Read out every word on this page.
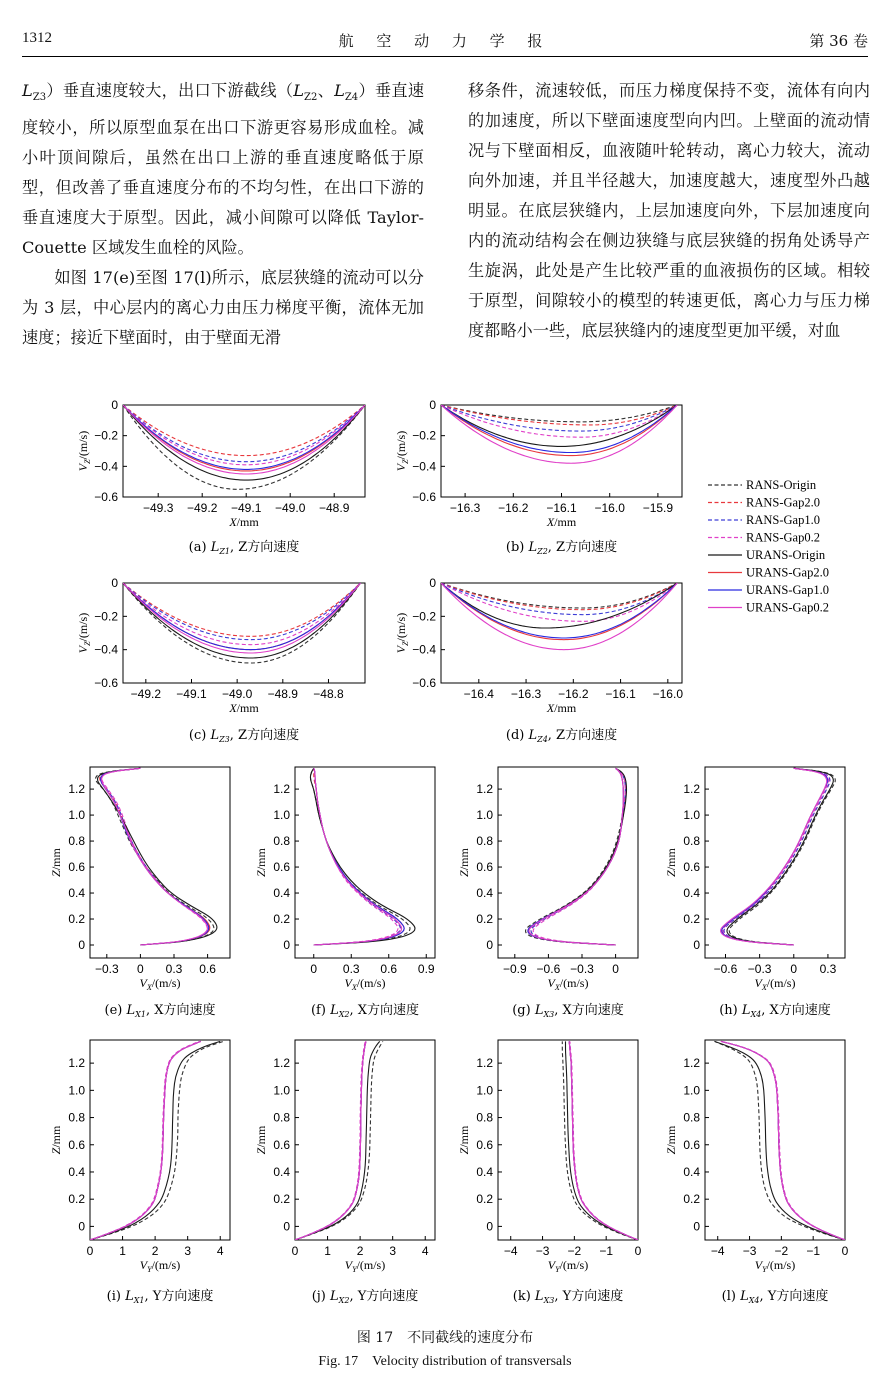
1312	航 空 动 力 学 报	第 36 卷

$L_{Z3}$）垂直速度较大，出口下游截线（$L_{Z2}$、$L_{Z4}$）垂直速度较小，所以原型血泵在出口下游更容易形成血栓。减小叶顶间隙后，虽然在出口上游的垂直速度略低于原型，但改善了垂直速度分布的不均匀性，在出口下游的垂直速度大于原型。因此，减小间隙可以降低 Taylor-Couette 区域发生血栓的风险。

如图 17(e)至图 17(l)所示，底层狭缝的流动可以分为 3 层，中心层内的离心力由压力梯度平衡，流体无加速度；接近下壁面时，由于壁面无滑

移条件，流速较低，而压力梯度保持不变，流体有向内的加速度，所以下壁面速度型向内凹。上壁面的流动情况与下壁面相反，血液随叶轮转动，离心力较大，流动向外加速，并且半径越大，加速度越大，速度型外凸越明显。在底层狭缝内，上层加速度向外，下层加速度向内的流动结构会在侧边狭缝与底层狭缝的拐角处诱导产生旋涡，此处是产生比较严重的血液损伤的区域。相较于原型，间隙较小的模型的转速更低，离心力与压力梯度都略小一些，底层狭缝内的速度型更加平缓，对血

−49.3 −49.2 −49.1 −49.0 −48.9
0
−0.2
−0.4
−0.6
X/mm
$V_Z/(m/s)$
(a) $L_{Z1}$, Z方向速度
−16.3 −16.2 −16.1 −16.0 −15.9
0
−0.2
−0.4
−0.6
X/mm
$V_Z/(m/s)$
(b) $L_{Z2}$, Z方向速度
−49.2 −49.1 −49.0 −48.9 −48.8
0
−0.2
−0.4
−0.6
X/mm
$V_Z/(m/s)$
(c) $L_{Z3}$, Z方向速度
−16.4 −16.3 −16.2 −16.1 −16.0
0
−0.2
−0.4
−0.6
X/mm
$V_Z/(m/s)$
(d) $L_{Z4}$, Z方向速度
−0.3 0 0.3 0.6
0
0.2
0.4
0.6
0.8
1.0
1.2
$V_X/(m/s)$
Z/mm
(e) $L_{X1}$, X方向速度
0 0.3 0.6 0.9
0
0.2
0.4
0.6
0.8
1.0
1.2
$V_X/(m/s)$
Z/mm
(f) $L_{X2}$, X方向速度
−0.9 −0.6 −0.3 0
0
0.2
0.4
0.6
0.8
1.0
1.2
$V_X/(m/s)$
Z/mm
(g) $L_{X3}$, X方向速度
−0.6 −0.3 0 0.3
0
0.2
0.4
0.6
0.8
1.0
1.2
$V_X/(m/s)$
Z/mm
(h) $L_{X4}$, X方向速度
0 1 2 3 4
0
0.2
0.4
0.6
0.8
1.0
1.2
$V_Y/(m/s)$
Z/mm
(i) $L_{X1}$, Y方向速度
0 1 2 3 4
0
0.2
0.4
0.6
0.8
1.0
1.2
$V_Y/(m/s)$
Z/mm
(j) $L_{X2}$, Y方向速度
−4 −3 −2 −1 0
0
0.2
0.4
0.6
0.8
1.0
1.2
$V_Y/(m/s)$
Z/mm
(k) $L_{X3}$, Y方向速度
−4 −3 −2 −1 0
0
0.2
0.4
0.6
0.8
1.0
1.2
$V_Y/(m/s)$
Z/mm
(l) $L_{X4}$, Y方向速度
RANS-Origin
RANS-Gap2.0
RANS-Gap1.0
RANS-Gap0.2
URANS-Origin
URANS-Gap2.0
URANS-Gap1.0
URANS-Gap0.2
图 17　不同截线的速度分布
Fig. 17　Velocity distribution of transversals
